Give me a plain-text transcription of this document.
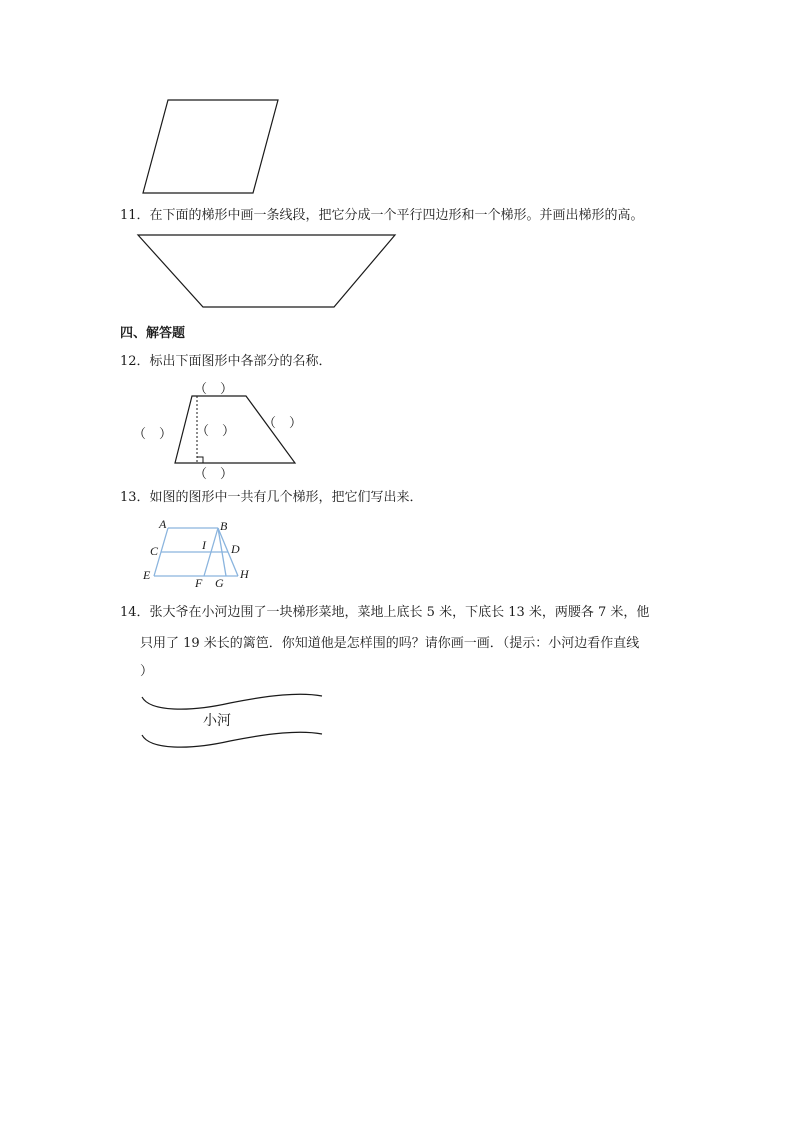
11．在下面的梯形中画一条线段，把它分成一个平行四边形和一个梯形。并画出梯形的高。
四、解答题
12．标出下面图形中各部分的名称．
（　）
（　） （　）
（　）
（　）
13．如图的图形中一共有几个梯形，把它们写出来．
A	B
C	I D
E
F G
H
14．张大爷在小河边围了一块梯形菜地，菜地上底长 5 米，下底长 13 米，两腰各 7 米，他
只用了 19 米长的篱笆．你知道他是怎样围的吗？请你画一画．（提示：小河边看作直线
）
小河
